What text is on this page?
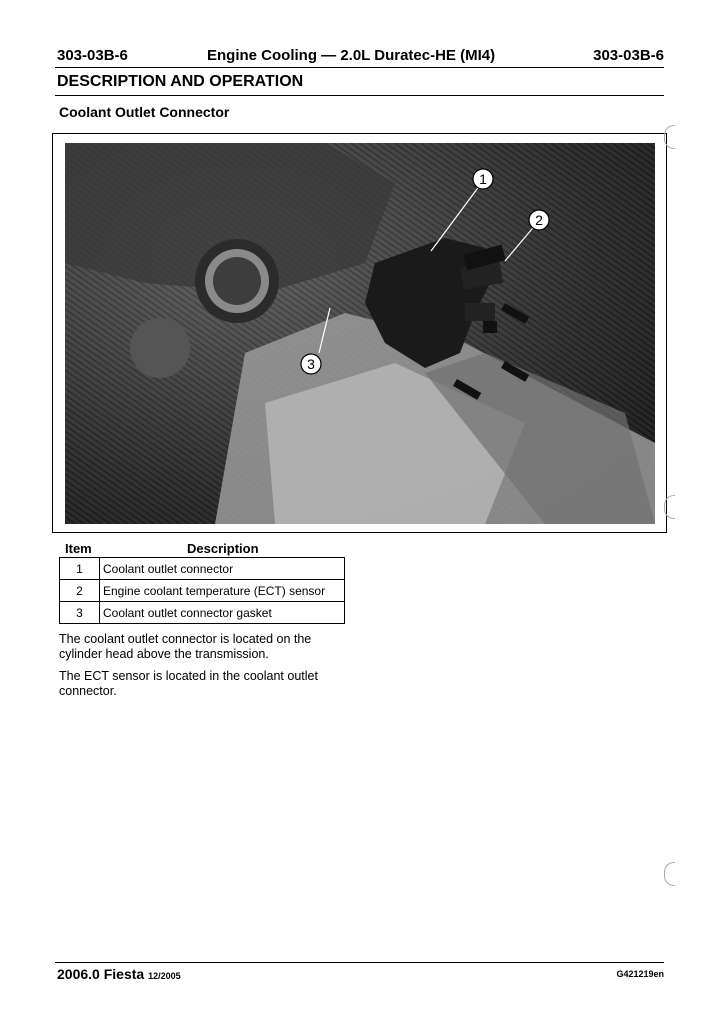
303-03B-6	Engine Cooling — 2.0L Duratec-HE (MI4)	303-03B-6
DESCRIPTION AND OPERATION
Coolant Outlet Connector
1
2
3
Item	Description
1	Coolant outlet connector
2	Engine coolant temperature (ECT) sensor
3	Coolant outlet connector gasket
The coolant outlet connector is located on the cylinder head above the transmission.
The ECT sensor is located in the coolant outlet connector.
2006.0 Fiesta 12/2005	G421219en
